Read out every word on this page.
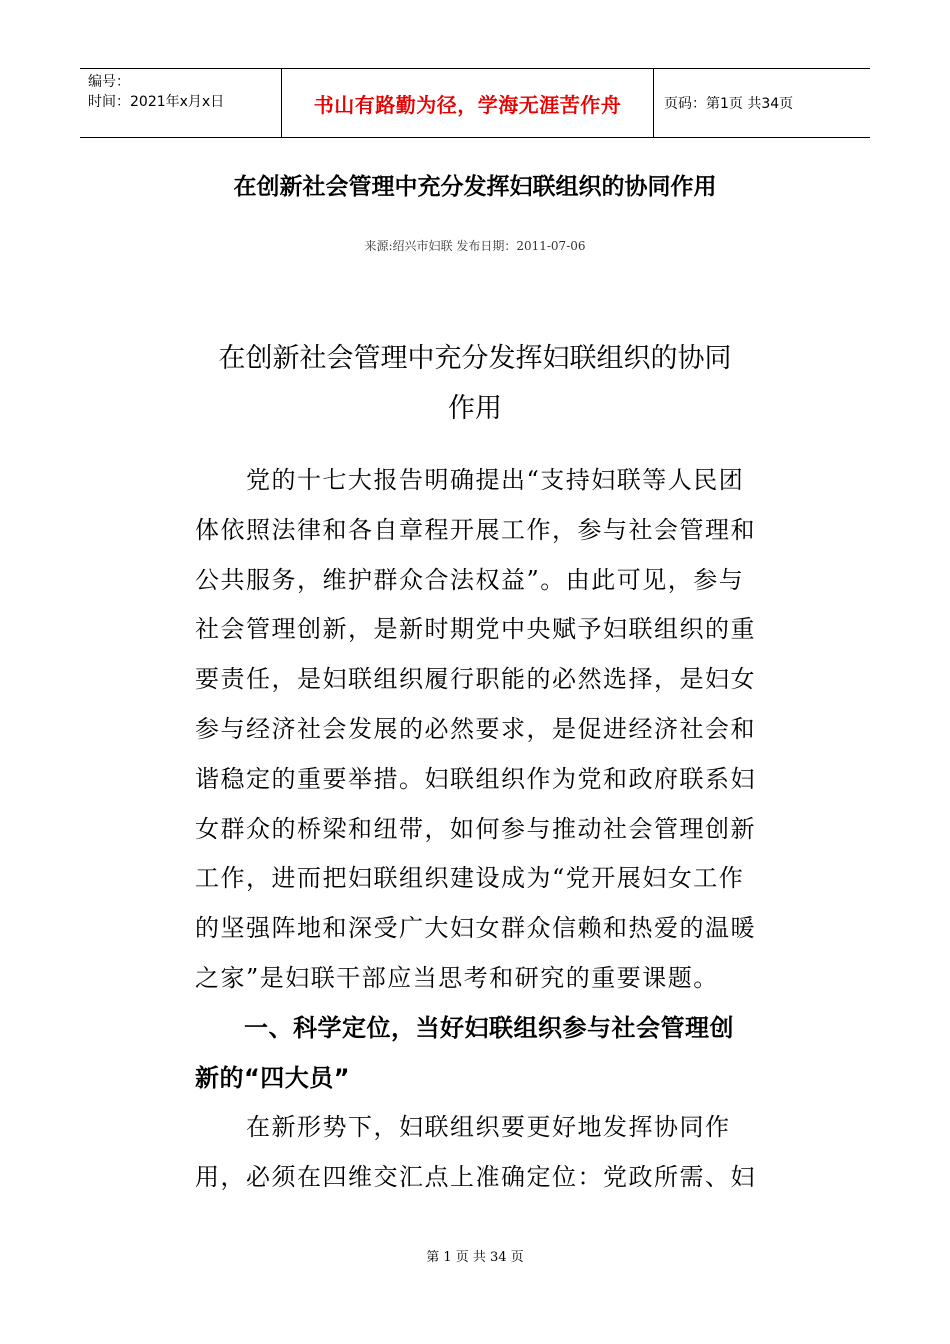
编号：
时间：2021年x月x日	书山有路勤为径，学海无涯苦作舟	页码：第1页 共34页
在创新社会管理中充分发挥妇联组织的协同作用
来源:绍兴市妇联 发布日期：2011-07-06
在创新社会管理中充分发挥妇联组织的协同
作用
　　党的十七大报告明确提出“支持妇联等人民团
体依照法律和各自章程开展工作，参与社会管理和
公共服务，维护群众合法权益”。由此可见，参与
社会管理创新，是新时期党中央赋予妇联组织的重
要责任，是妇联组织履行职能的必然选择，是妇女
参与经济社会发展的必然要求，是促进经济社会和
谐稳定的重要举措。妇联组织作为党和政府联系妇
女群众的桥梁和纽带，如何参与推动社会管理创新
工作，进而把妇联组织建设成为“党开展妇女工作
的坚强阵地和深受广大妇女群众信赖和热爱的温暖
之家”是妇联干部应当思考和研究的重要课题。
　　一、科学定位，当好妇联组织参与社会管理创
新的“四大员”
　　在新形势下，妇联组织要更好地发挥协同作
用，必须在四维交汇点上准确定位：党政所需、妇
第 1 页 共 34 页
